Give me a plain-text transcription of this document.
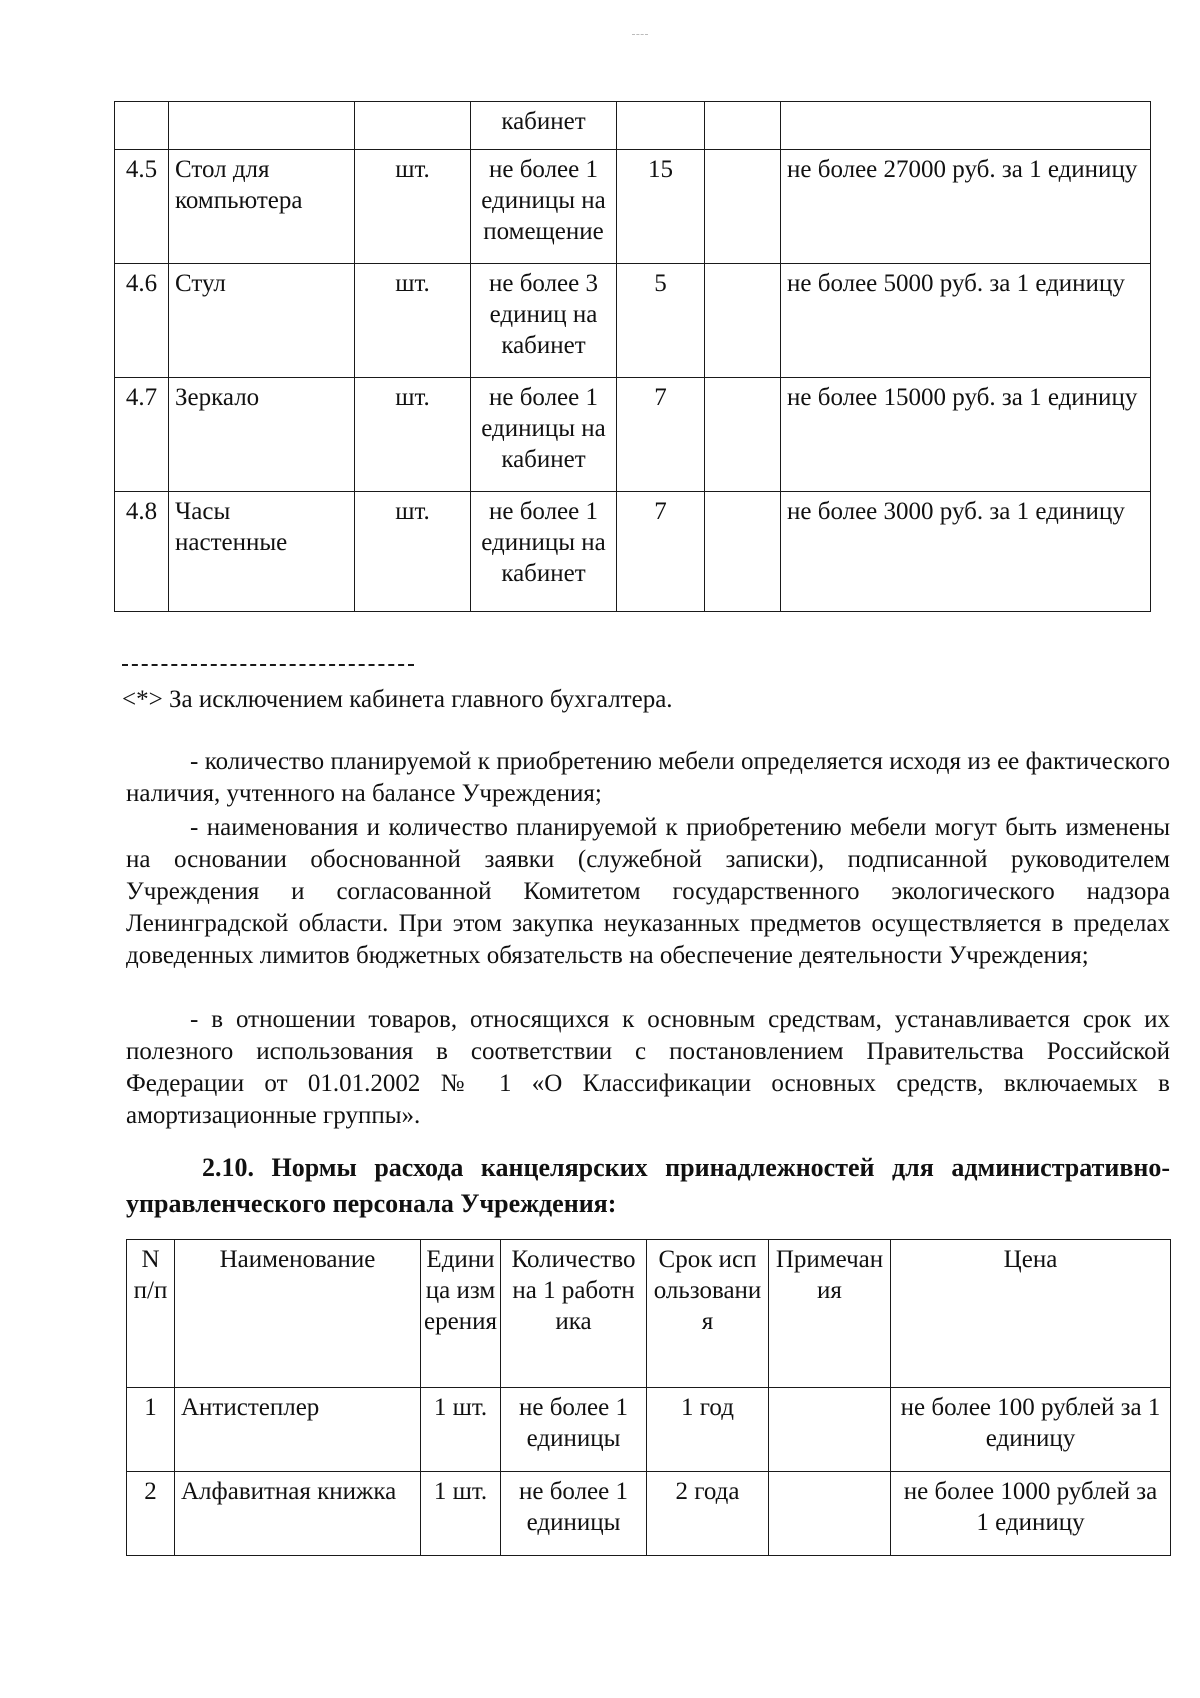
			кабинет			
4.5	Стол для компьютера	шт.	не более 1 единицы на помещение	15		не более 27000 руб. за 1 единицу
4.6	Стул	шт.	не более 3 единиц на кабинет	5		не более 5000 руб. за 1 единицу
4.7	Зеркало	шт.	не более 1 единицы на кабинет	7		не более 15000 руб. за 1 единицу
4.8	Часы настенные	шт.	не более 1 единицы на кабинет	7		не более 3000 руб. за 1 единицу
<*> За исключением кабинета главного бухгалтера.
- количество планируемой к приобретению мебели определяется исходя из ее фактического наличия, учтенного на балансе Учреждения;
- наименования и количество планируемой к приобретению мебели могут быть изменены на основании обоснованной заявки (служебной записки), подписанной руководителем Учреждения и согласованной Комитетом государственного экологического надзора Ленинградской области. При этом закупка неуказанных предметов осуществляется в пределах доведенных лимитов бюджетных обязательств на обеспечение деятельности Учреждения;
- в отношении товаров, относящихся к основным средствам, устанавливается срок их полезного использования в соответствии с постановлением Правительства Российской Федерации от 01.01.2002 № 1 «О Классификации основных средств, включаемых в амортизационные группы».
2.10. Нормы расхода канцелярских принадлежностей для административно-управленческого персонала Учреждения:
N п/п	Наименование	Единица измерения	Количество на 1 работника	Срок использования	Примечания	Цена
1	Антистеплер	1 шт.	не более 1 единицы	1 год		не более 100 рублей за 1 единицу
2	Алфавитная книжка	1 шт.	не более 1 единицы	2 года		не более 1000 рублей за 1 единицу
